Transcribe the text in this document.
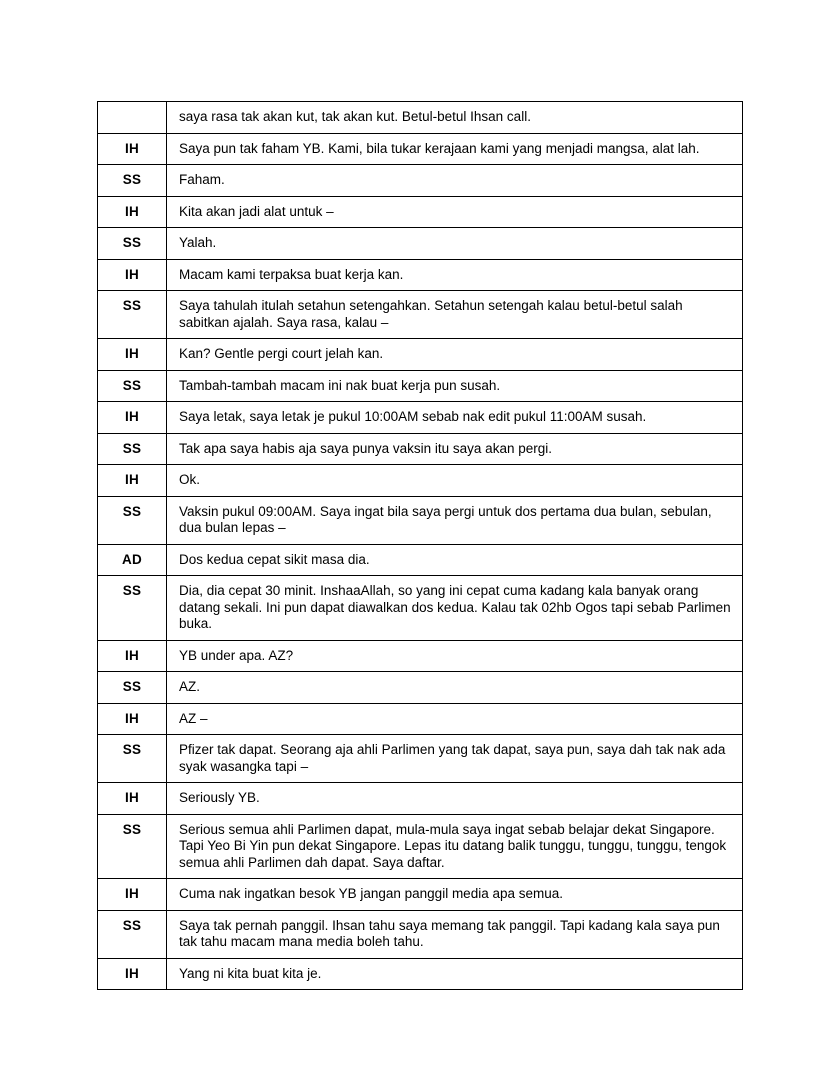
	saya rasa tak akan kut, tak akan kut. Betul-betul Ihsan call.
IH	Saya pun tak faham YB. Kami, bila tukar kerajaan kami yang menjadi mangsa, alat lah.
SS	Faham.
IH	Kita akan jadi alat untuk –
SS	Yalah.
IH	Macam kami terpaksa buat kerja kan.
SS	Saya tahulah itulah setahun setengahkan. Setahun setengah kalau betul-betul salah sabitkan ajalah. Saya rasa, kalau –
IH	Kan? Gentle pergi court jelah kan.
SS	Tambah-tambah macam ini nak buat kerja pun susah.
IH	Saya letak, saya letak je pukul 10:00AM sebab nak edit pukul 11:00AM susah.
SS	Tak apa saya habis aja saya punya vaksin itu saya akan pergi.
IH	Ok.
SS	Vaksin pukul 09:00AM. Saya ingat bila saya pergi untuk dos pertama dua bulan, sebulan, dua bulan lepas –
AD	Dos kedua cepat sikit masa dia.
SS	Dia, dia cepat 30 minit. InshaaAllah, so yang ini cepat cuma kadang kala banyak orang datang sekali. Ini pun dapat diawalkan dos kedua. Kalau tak 02hb Ogos tapi sebab Parlimen buka.
IH	YB under apa. AZ?
SS	AZ.
IH	AZ –
SS	Pfizer tak dapat. Seorang aja ahli Parlimen yang tak dapat, saya pun, saya dah tak nak ada syak wasangka tapi –
IH	Seriously YB.
SS	Serious semua ahli Parlimen dapat, mula-mula saya ingat sebab belajar dekat Singapore. Tapi Yeo Bi Yin pun dekat Singapore. Lepas itu datang balik tunggu, tunggu, tunggu, tengok semua ahli Parlimen dah dapat. Saya daftar.
IH	Cuma nak ingatkan besok YB jangan panggil media apa semua.
SS	Saya tak pernah panggil. Ihsan tahu saya memang tak panggil. Tapi kadang kala saya pun tak tahu macam mana media boleh tahu.
IH	Yang ni kita buat kita je.
